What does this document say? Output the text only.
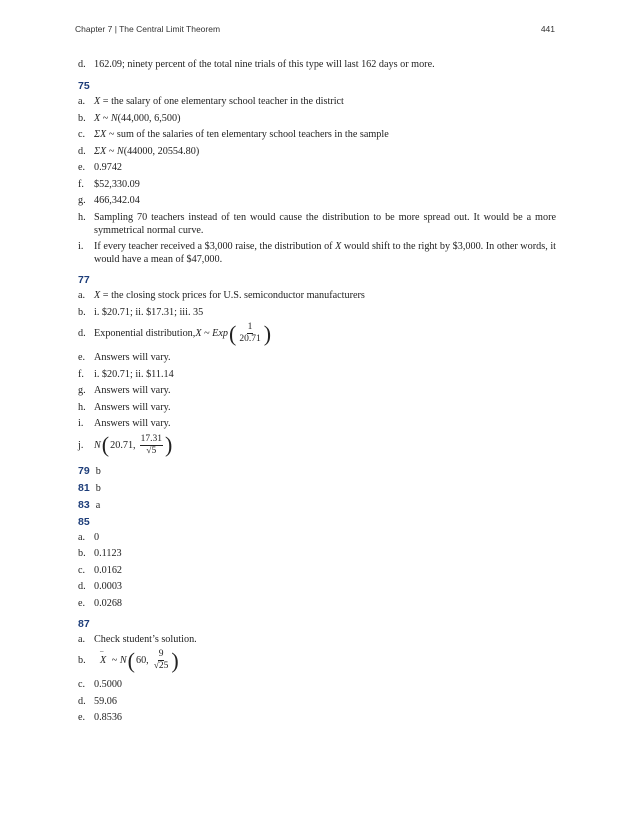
Chapter 7 | The Central Limit Theorem	441
d. 162.09; ninety percent of the total nine trials of this type will last 162 days or more.
75
a. X = the salary of one elementary school teacher in the district
b. X ~ N(44,000, 6,500)
c. ΣX ~ sum of the salaries of ten elementary school teachers in the sample
d. ΣX ~ N(44000, 20554.80)
e. 0.9742
f. $52,330.09
g. 466,342.04
h. Sampling 70 teachers instead of ten would cause the distribution to be more spread out. It would be a more symmetrical normal curve.
i.	If every teacher received a $3,000 raise, the distribution of X would shift to the right by $3,000. In other words, it would have a mean of $47,000.
77
a. X = the closing stock prices for U.S. semiconductor manufacturers
b. i. $20.71; ii. $17.31; iii. 35
d. Exponential distribution, X ~ Exp ( $\frac{1}{20.71}$ )
e. Answers will vary.
f. i. $20.71; ii. $11.14
g. Answers will vary.
h. Answers will vary.
i.	Answers will vary.
j.	N ( 20.71, $\frac{17.31}{√5}$ )
79 b
81 b
83 a
85
a. 0
b. 0.1123
c. 0.0162
d. 0.0003
e. 0.0268
87
a. Check student’s solution.
b.
–	X ~ N ( 60, $\frac{9}{√25}$ )
c. 0.5000
d. 59.06
e. 0.8536
